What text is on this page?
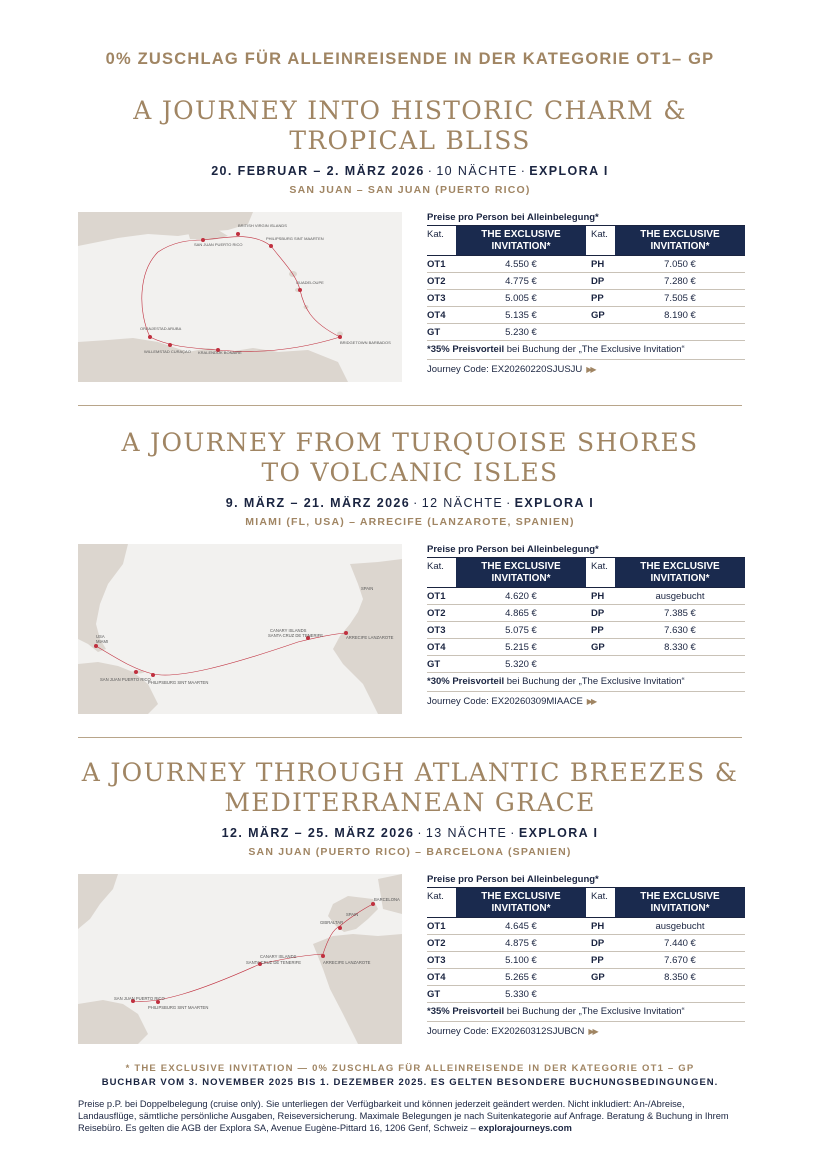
0% ZUSCHLAG FÜR ALLEINREISENDE IN DER KATEGORIE OT1– GP
A JOURNEY INTO HISTORIC CHARM &
TROPICAL BLISS
20. FEBRUAR – 2. MÄRZ 2026 · 10 NÄCHTE · EXPLORA I
SAN JUAN – SAN JUAN (PUERTO RICO)
SAN JUAN PUERTO RICO
BRITISH VIRGIN ISLANDS
PHILIPSBURG SINT MAARTEN
GUADELOUPE
BRIDGETOWN BARBADOS
ORANJESTAD ARUBA
WILLEMSTAD CURAÇAO KRALENDIJK BONAIRE
Preise pro Person bei Alleinbelegung*
Kat.	THE EXCLUSIVE INVITATION*	Kat.	THE EXCLUSIVE INVITATION*
OT1	4.550 €	PH	7.050 €
OT2	4.775 €	DP	7.280 €
OT3	5.005 €	PP	7.505 €
OT4	5.135 €	GP	8.190 €
GT	5.230 €		
*35% Preisvorteil bei Buchung der „The Exclusive Invitation“
Journey Code: EX20260220SJUSJU ▶▶
A JOURNEY FROM TURQUOISE SHORES
TO VOLCANIC ISLES
9. MÄRZ – 21. MÄRZ 2026 · 12 NÄCHTE · EXPLORA I
MIAMI (FL, USA) – ARRECIFE (LANZAROTE, SPANIEN)
USA
MIAMI
SAN JUAN PUERTO RICO
PHILIPSBURG SINT MAARTEN
CANARY ISLANDS
SANTA CRUZ DE TENERIFE	ARRECIFE LANZAROTE
SPAIN
Preise pro Person bei Alleinbelegung*
Kat.	THE EXCLUSIVE INVITATION*	Kat.	THE EXCLUSIVE INVITATION*
OT1	4.620 €	PH	ausgebucht
OT2	4.865 €	DP	7.385 €
OT3	5.075 €	PP	7.630 €
OT4	5.215 €	GP	8.330 €
GT	5.320 €		
*30% Preisvorteil bei Buchung der „The Exclusive Invitation“
Journey Code: EX20260309MIAACE ▶▶
A JOURNEY THROUGH ATLANTIC BREEZES &
MEDITERRANEAN GRACE
12. MÄRZ – 25. MÄRZ 2026 · 13 NÄCHTE · EXPLORA I
SAN JUAN (PUERTO RICO) – BARCELONA (SPANIEN)
SAN JUAN PUERTO RICO
PHILIPSBURG SINT MAARTEN
CANARY ISLANDS
SANTA CRUZ DE TENERIFE	ARRECIFE LANZAROTE
GIBRALTAR
SPAIN
BARCELONA
Preise pro Person bei Alleinbelegung*
Kat.	THE EXCLUSIVE INVITATION*	Kat.	THE EXCLUSIVE INVITATION*
OT1	4.645 €	PH	ausgebucht
OT2	4.875 €	DP	7.440 €
OT3	5.100 €	PP	7.670 €
OT4	5.265 €	GP	8.350 €
GT	5.330 €		
*35% Preisvorteil bei Buchung der „The Exclusive Invitation“
Journey Code: EX20260312SJUBCN ▶▶
* THE EXCLUSIVE INVITATION — 0% ZUSCHLAG FÜR ALLEINREISENDE IN DER KATEGORIE OT1 – GP
BUCHBAR VOM 3. NOVEMBER 2025 BIS 1. DEZEMBER 2025. ES GELTEN BESONDERE BUCHUNGSBEDINGUNGEN.
Preise p.P. bei Doppelbelegung (cruise only). Sie unterliegen der Verfügbarkeit und können jederzeit geändert werden. Nicht inkludiert: An-/Abreise, Landausflüge, sämtliche persönliche Ausgaben, Reiseversicherung. Maximale Belegungen je nach Suitenkategorie auf Anfrage. Beratung & Buchung in Ihrem Reisebüro. Es gelten die AGB der Explora SA, Avenue Eugène-Pittard 16, 1206 Genf, Schweiz – explorajourneys.com
